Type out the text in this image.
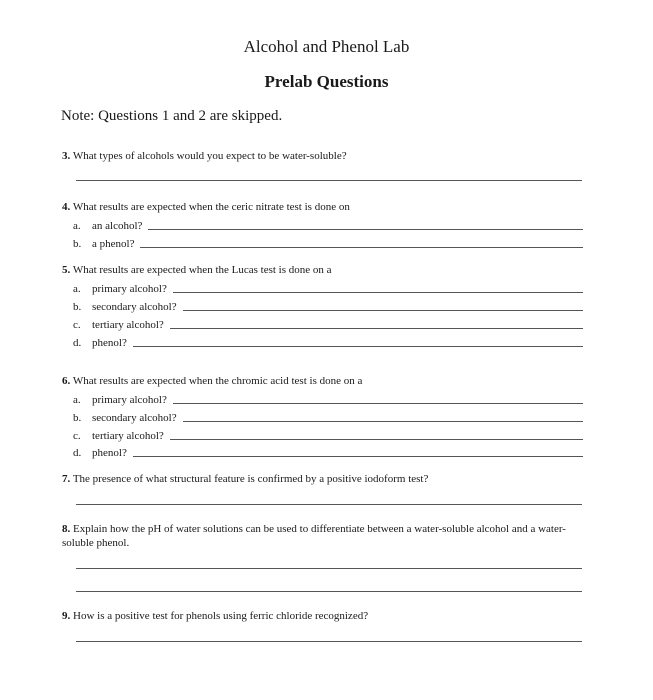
Alcohol and Phenol Lab
Prelab Questions
Note: Questions 1 and 2 are skipped.
3. What types of alcohols would you expect to be water-soluble?
4. What results are expected when the ceric nitrate test is done on
a.	an alcohol?
b. a phenol?
5. What results are expected when the Lucas test is done on a
a.	primary alcohol?
b. secondary alcohol?
c.	tertiary alcohol?
d. phenol?
6. What results are expected when the chromic acid test is done on a
a.	primary alcohol?
b. secondary alcohol?
c.	tertiary alcohol?
d. phenol?
7. The presence of what structural feature is confirmed by a positive iodoform test?
8. Explain how the pH of water solutions can be used to differentiate between a water-soluble alcohol and a water-soluble phenol.
9. How is a positive test for phenols using ferric chloride recognized?
